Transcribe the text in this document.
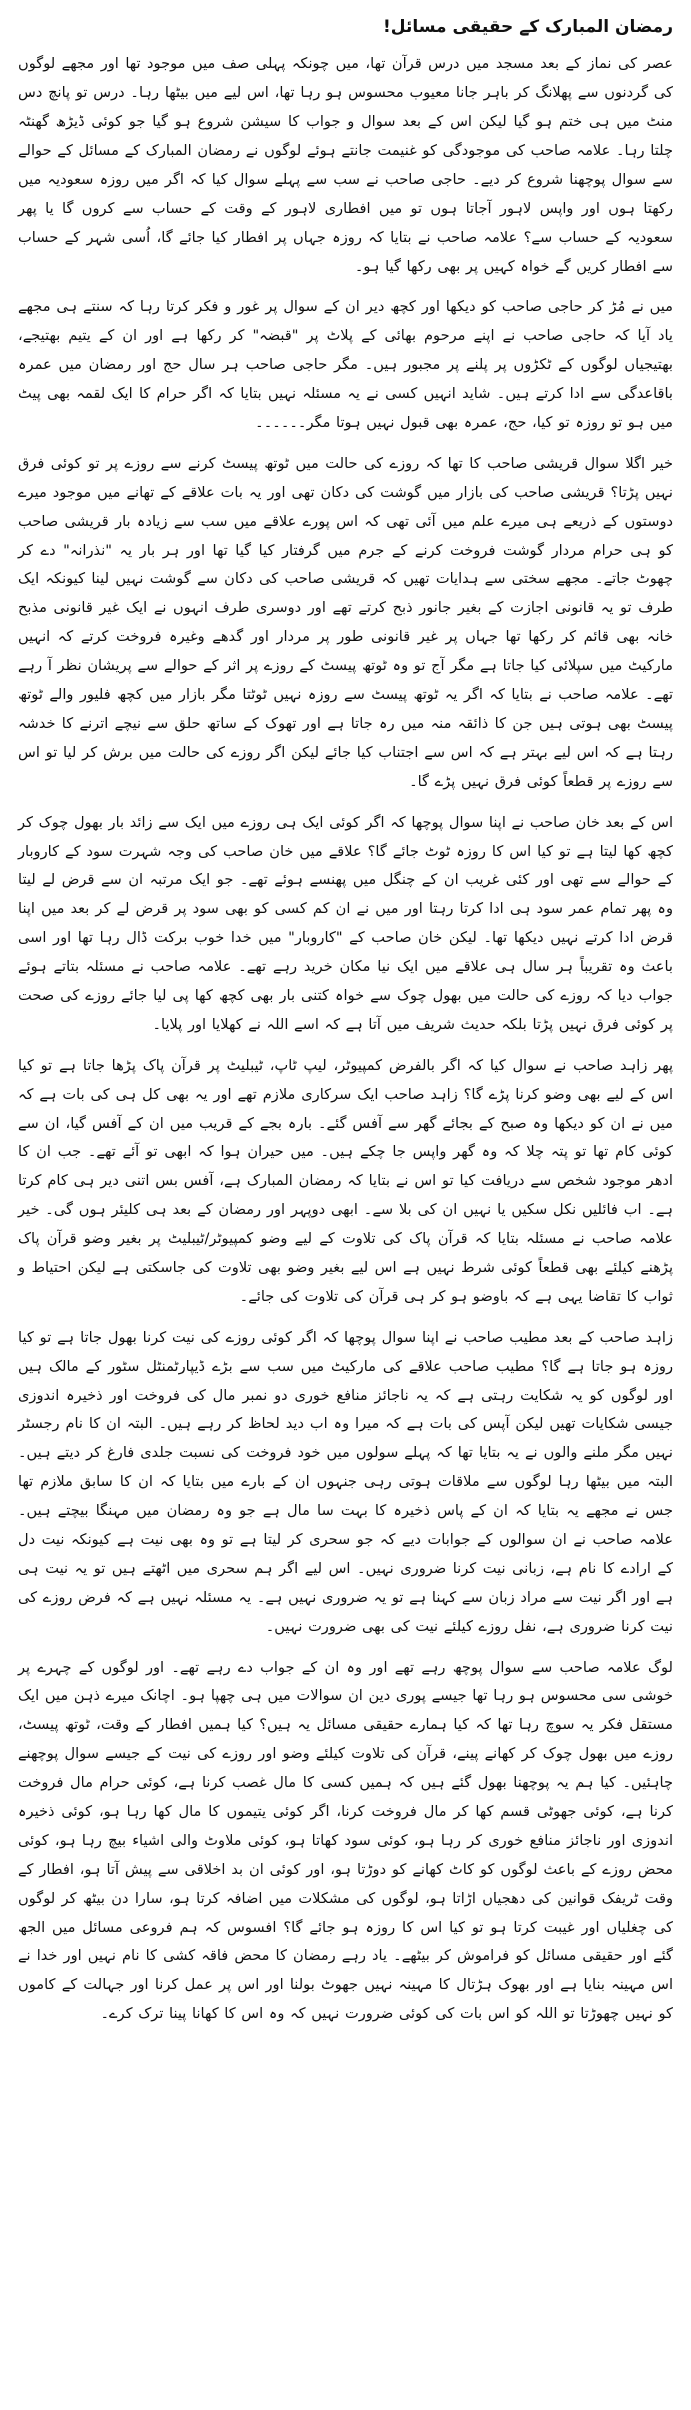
رمضان المبارک کے حقیقی مسائل!

عصر کی نماز کے بعد مسجد میں درس قرآن تھا، میں چونکہ پہلی صف میں موجود تھا اور مجھے لوگوں کی گردنوں سے پھلانگ کر باہر جانا معیوب محسوس ہو رہا تھا، اس لیے میں بیٹھا رہا۔ درس تو پانچ دس منٹ میں ہی ختم ہو گیا لیکن اس کے بعد سوال و جواب کا سیشن شروع ہو گیا جو کوئی ڈیڑھ گھنٹہ چلتا رہا۔ علامہ صاحب کی موجودگی کو غنیمت جانتے ہوئے لوگوں نے رمضان المبارک کے مسائل کے حوالے سے سوال پوچھنا شروع کر دیے۔ حاجی صاحب نے سب سے پہلے سوال کیا کہ اگر میں روزہ سعودیہ میں رکھتا ہوں اور واپس لاہور آجاتا ہوں تو میں افطاری لاہور کے وقت کے حساب سے کروں گا یا پھر سعودیہ کے حساب سے؟ علامہ صاحب نے بتایا کہ روزہ جہاں پر افطار کیا جائے گا، اُسی شہر کے حساب سے افطار کریں گے خواہ کہیں پر بھی رکھا گیا ہو۔

میں نے مُڑ کر حاجی صاحب کو دیکھا اور کچھ دیر ان کے سوال پر غور و فکر کرتا رہا کہ سنتے ہی مجھے یاد آیا کہ حاجی صاحب نے اپنے مرحوم بھائی کے پلاٹ پر "قبضہ" کر رکھا ہے اور ان کے یتیم بھتیجے، بھتیجیاں لوگوں کے ٹکڑوں پر پلنے پر مجبور ہیں۔ مگر حاجی صاحب ہر سال حج اور رمضان میں عمرہ باقاعدگی سے ادا کرتے ہیں۔ شاید انہیں کسی نے یہ مسئلہ نہیں بتایا کہ اگر حرام کا ایک لقمہ بھی پیٹ میں ہو تو روزہ تو کیا، حج، عمرہ بھی قبول نہیں ہوتا مگر۔۔۔۔۔۔

خیر اگلا سوال قریشی صاحب کا تھا کہ روزے کی حالت میں ٹوتھ پیسٹ کرنے سے روزے پر تو کوئی فرق نہیں پڑتا؟ قریشی صاحب کی بازار میں گوشت کی دکان تھی اور یہ بات علاقے کے تھانے میں موجود میرے دوستوں کے ذریعے ہی میرے علم میں آئی تھی کہ اس پورے علاقے میں سب سے زیادہ بار قریشی صاحب کو ہی حرام مردار گوشت فروخت کرنے کے جرم میں گرفتار کیا گیا تھا اور ہر بار یہ "نذرانہ" دے کر چھوٹ جاتے۔ مجھے سختی سے ہدایات تھیں کہ قریشی صاحب کی دکان سے گوشت نہیں لینا کیونکہ ایک طرف تو یہ قانونی اجازت کے بغیر جانور ذبح کرتے تھے اور دوسری طرف انہوں نے ایک غیر قانونی مذبح خانہ بھی قائم کر رکھا تھا جہاں پر غیر قانونی طور پر مردار اور گدھے وغیرہ فروخت کرتے کہ انہیں مارکیٹ میں سپلائی کیا جاتا ہے مگر آج تو وہ ٹوتھ پیسٹ کے روزے پر اثر کے حوالے سے پریشان نظر آ رہے تھے۔ علامہ صاحب نے بتایا کہ اگر یہ ٹوتھ پیسٹ سے روزہ نہیں ٹوٹتا مگر بازار میں کچھ فلیور والے ٹوتھ پیسٹ بھی ہوتی ہیں جن کا ذائقہ منہ میں رہ جاتا ہے اور تھوک کے ساتھ حلق سے نیچے اترنے کا خدشہ رہتا ہے کہ اس لیے بہتر ہے کہ اس سے اجتناب کیا جائے لیکن اگر روزے کی حالت میں برش کر لیا تو اس سے روزے پر قطعاً کوئی فرق نہیں پڑے گا۔

اس کے بعد خان صاحب نے اپنا سوال پوچھا کہ اگر کوئی ایک ہی روزے میں ایک سے زائد بار بھول چوک کر کچھ کھا لیتا ہے تو کیا اس کا روزہ ٹوٹ جائے گا؟ علاقے میں خان صاحب کی وجہ شہرت سود کے کاروبار کے حوالے سے تھی اور کئی غریب ان کے چنگل میں پھنسے ہوئے تھے۔ جو ایک مرتبہ ان سے قرض لے لیتا وہ پھر تمام عمر سود ہی ادا کرتا رہتا اور میں نے ان کم کسی کو بھی سود پر قرض لے کر بعد میں اپنا قرض ادا کرتے نہیں دیکھا تھا۔ لیکن خان صاحب کے "کاروبار" میں خدا خوب برکت ڈال رہا تھا اور اسی باعث وہ تقریباً ہر سال ہی علاقے میں ایک نیا مکان خرید رہے تھے۔ علامہ صاحب نے مسئلہ بتاتے ہوئے جواب دیا کہ روزے کی حالت میں بھول چوک سے خواہ کتنی بار بھی کچھ کھا پی لیا جائے روزے کی صحت پر کوئی فرق نہیں پڑتا بلکہ حدیث شریف میں آتا ہے کہ اسے اللہ نے کھلایا اور پلایا۔

پھر زاہد صاحب نے سوال کیا کہ اگر بالفرض کمپیوٹر، لیپ ٹاپ، ٹیبلیٹ پر قرآن پاک پڑھا جاتا ہے تو کیا اس کے لیے بھی وضو کرنا پڑے گا؟ زاہد صاحب ایک سرکاری ملازم تھے اور یہ بھی کل ہی کی بات ہے کہ میں نے ان کو دیکھا وہ صبح کے بجائے گھر سے آفس گئے۔ بارہ بجے کے قریب میں ان کے آفس گیا، ان سے کوئی کام تھا تو پتہ چلا کہ وہ گھر واپس جا چکے ہیں۔ میں حیران ہوا کہ ابھی تو آئے تھے۔ جب ان کا ادھر موجود شخص سے دریافت کیا تو اس نے بتایا کہ رمضان المبارک ہے، آفس بس اتنی دیر ہی کام کرتا ہے۔ اب فائلیں نکل سکیں یا نہیں ان کی بلا سے۔ ابھی دوپہر اور رمضان کے بعد ہی کلیئر ہوں گی۔ خیر علامہ صاحب نے مسئلہ بتایا کہ قرآن پاک کی تلاوت کے لیے وضو کمپیوٹر/ٹیبلیٹ پر بغیر وضو قرآن پاک پڑھنے کیلئے بھی قطعاً کوئی شرط نہیں ہے اس لیے بغیر وضو بھی تلاوت کی جاسکتی ہے لیکن احتیاط و ثواب کا تقاضا یہی ہے کہ باوضو ہو کر ہی قرآن کی تلاوت کی جائے۔

زاہد صاحب کے بعد مطیب صاحب نے اپنا سوال پوچھا کہ اگر کوئی روزے کی نیت کرنا بھول جاتا ہے تو کیا روزہ ہو جاتا ہے گا؟ مطیب صاحب علاقے کی مارکیٹ میں سب سے بڑے ڈیپارٹمنٹل سٹور کے مالک ہیں اور لوگوں کو یہ شکایت رہتی ہے کہ یہ ناجائز منافع خوری دو نمبر مال کی فروخت اور ذخیرہ اندوزی جیسی شکایات تھیں لیکن آپس کی بات ہے کہ میرا وہ اب دید لحاظ کر رہے ہیں۔ البتہ ان کا نام رجسٹر نہیں مگر ملنے والوں نے یہ بتایا تھا کہ پہلے سولوں میں خود فروخت کی نسبت جلدی فارغ کر دیتے ہیں۔ البتہ میں بیٹھا رہا لوگوں سے ملاقات ہوتی رہی جنہوں ان کے بارے میں بتایا کہ ان کا سابق ملازم تھا جس نے مجھے یہ بتایا کہ ان کے پاس ذخیرہ کا بہت سا مال ہے جو وہ رمضان میں مہنگا بیچتے ہیں۔ علامہ صاحب نے ان سوالوں کے جوابات دیے کہ جو سحری کر لیتا ہے تو وہ بھی نیت ہے کیونکہ نیت دل کے ارادے کا نام ہے، زبانی نیت کرنا ضروری نہیں۔ اس لیے اگر ہم سحری میں اٹھتے ہیں تو یہ نیت ہی ہے اور اگر نیت سے مراد زبان سے کہنا ہے تو یہ ضروری نہیں ہے۔ یہ مسئلہ نہیں ہے کہ فرض روزے کی نیت کرنا ضروری ہے، نفل روزے کیلئے نیت کی بھی ضرورت نہیں۔

لوگ علامہ صاحب سے سوال پوچھ رہے تھے اور وہ ان کے جواب دے رہے تھے۔ اور لوگوں کے چہرے پر خوشی سی محسوس ہو رہا تھا جیسے پوری دین ان سوالات میں ہی چھپا ہو۔ اچانک میرے ذہن میں ایک مستقل فکر یہ سوچ رہا تھا کہ کیا ہمارے حقیقی مسائل یہ ہیں؟ کیا ہمیں افطار کے وقت، ٹوتھ پیسٹ، روزے میں بھول چوک کر کھانے پینے، قرآن کی تلاوت کیلئے وضو اور روزے کی نیت کے جیسے سوال پوچھنے چاہئیں۔ کیا ہم یہ پوچھنا بھول گئے ہیں کہ ہمیں کسی کا مال غصب کرنا ہے، کوئی حرام مال فروخت کرنا ہے، کوئی جھوٹی قسم کھا کر مال فروخت کرنا، اگر کوئی یتیموں کا مال کھا رہا ہو، کوئی ذخیرہ اندوزی اور ناجائز منافع خوری کر رہا ہو، کوئی سود کھاتا ہو، کوئی ملاوٹ والی اشیاء بیچ رہا ہو، کوئی محض روزے کے باعث لوگوں کو کاٹ کھانے کو دوڑتا ہو، اور کوئی ان بد اخلاقی سے پیش آتا ہو، افطار کے وقت ٹریفک قوانین کی دھجیاں اڑاتا ہو، لوگوں کی مشکلات میں اضافہ کرتا ہو، سارا دن بیٹھ کر لوگوں کی چغلیاں اور غیبت کرتا ہو تو کیا اس کا روزہ ہو جائے گا؟ افسوس کہ ہم فروعی مسائل میں الجھ گئے اور حقیقی مسائل کو فراموش کر بیٹھے۔ یاد رہے رمضان کا محض فاقہ کشی کا نام نہیں اور خدا نے اس مہینہ بنایا ہے اور بھوک ہڑتال کا مہینہ نہیں جھوٹ بولنا اور اس پر عمل کرنا اور جہالت کے کاموں کو نہیں چھوڑتا تو اللہ کو اس بات کی کوئی ضرورت نہیں کہ وہ اس کا کھانا پینا ترک کرے۔
